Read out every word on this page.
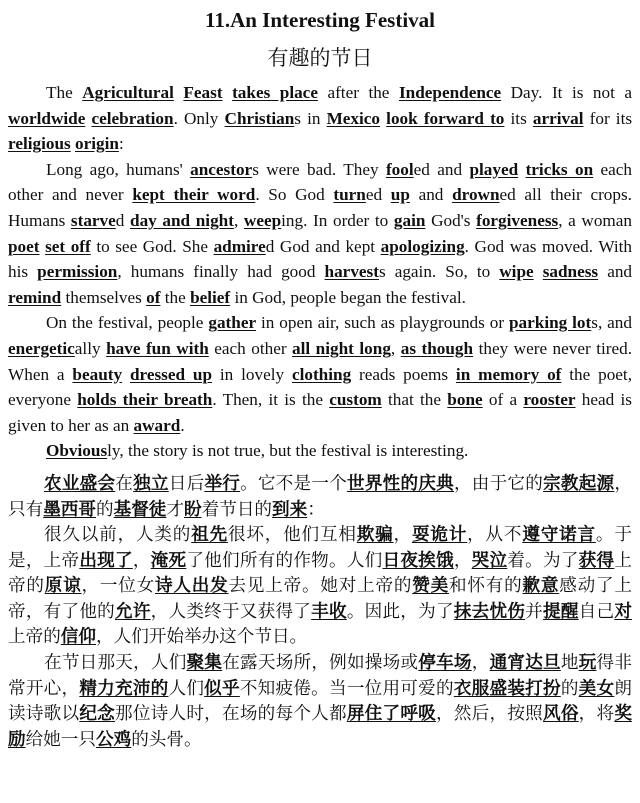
11.An Interesting Festival
有趣的节日

The Agricultural Feast takes place after the Independence Day. It is not a worldwide celebration. Only Christians in Mexico look forward to its arrival for its religious origin:

Long ago, humans' ancestors were bad. They fooled and played tricks on each other and never kept their word. So God turned up and drowned all their crops. Humans starved day and night, weeping. In order to gain God's forgiveness, a woman poet set off to see God. She admired God and kept apologizing. God was moved. With his permission, humans finally had good harvests again. So, to wipe sadness and remind themselves of the belief in God, people began the festival.

On the festival, people gather in open air, such as playgrounds or parking lots, and energetically have fun with each other all night long, as though they were never tired. When a beauty dressed up in lovely clothing reads poems in memory of the poet, everyone holds their breath. Then, it is the custom that the bone of a rooster head is given to her as an award.

Obviously, the story is not true, but the festival is interesting.

农业盛会在独立日后举行。它不是一个世界性的庆典，由于它的宗教起源，只有墨西哥的基督徒才盼着节日的到来：

很久以前，人类的祖先很坏，他们互相欺骗，耍诡计，从不遵守诺言。于是，上帝出现了，淹死了他们所有的作物。人们日夜挨饿，哭泣着。为了获得上帝的原谅，一位女诗人出发去见上帝。她对上帝的赞美和怀有的歉意感动了上帝，有了他的允许，人类终于又获得了丰收。因此，为了抹去忧伤并提醒自己对上帝的信仰，人们开始举办这个节日。

在节日那天，人们聚集在露天场所，例如操场或停车场，通宵达旦地玩得非常开心，精力充沛的人们似乎不知疲倦。当一位用可爱的衣服盛装打扮的美女朗读诗歌以纪念那位诗人时，在场的每个人都屏住了呼吸，然后，按照风俗，将奖励给她一只公鸡的头骨。
